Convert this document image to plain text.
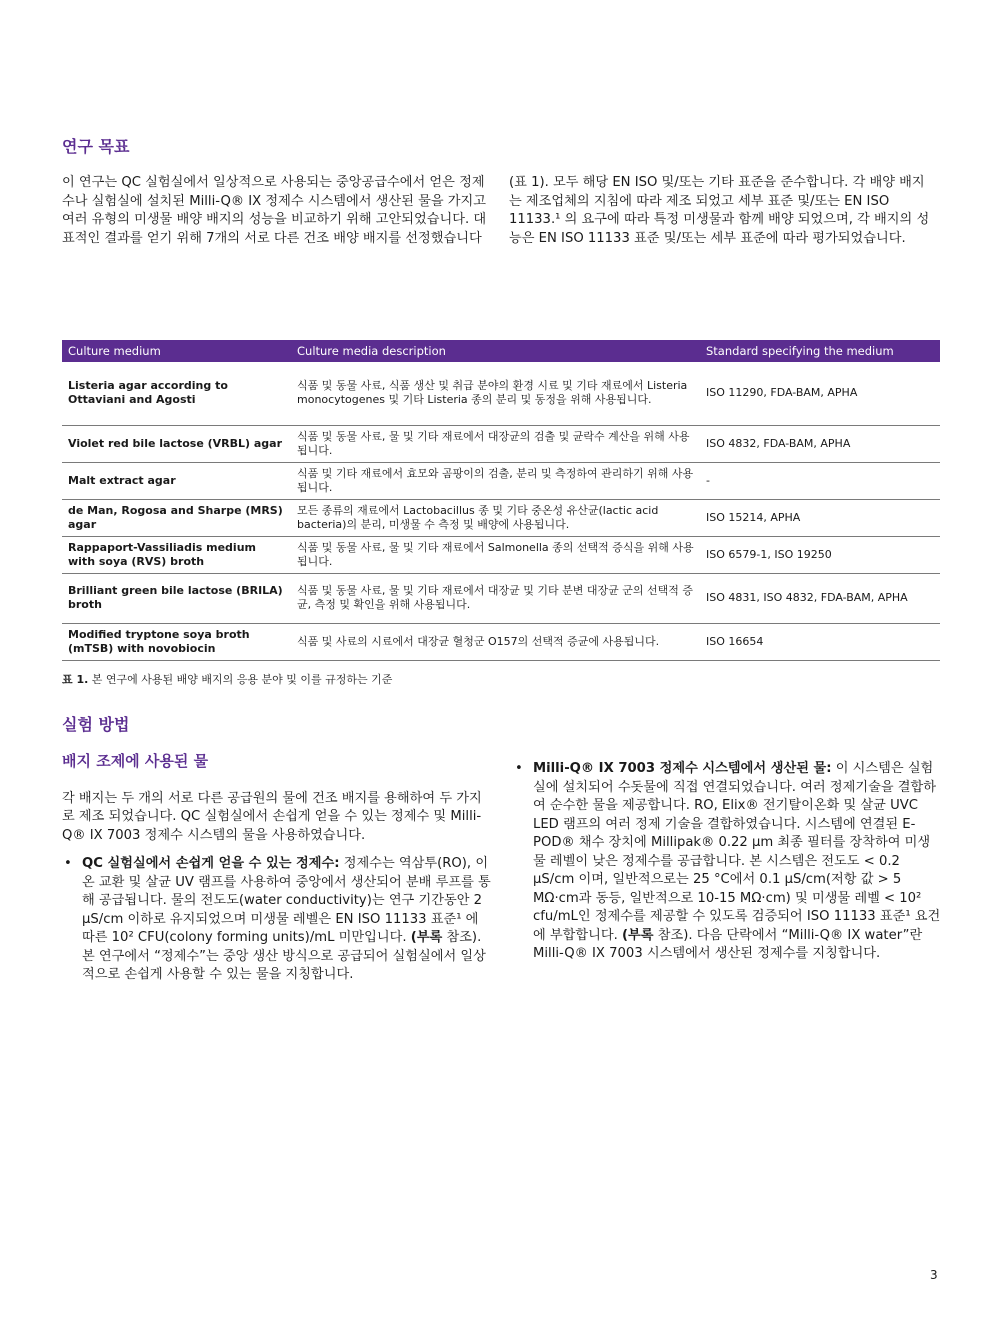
연구 목표
이 연구는 QC 실험실에서 일상적으로 사용되는 중앙공급수에서 얻은 정제수나 실험실에 설치된 Milli-Q® IX 정제수 시스템에서 생산된 물을 가지고 여러 유형의 미생물 배양 배지의 성능을 비교하기 위해 고안되었습니다. 대표적인 결과를 얻기 위해 7개의 서로 다른 건조 배양 배지를 선정했습니다(표 1). 모두 해당 EN ISO 및/또는 기타 표준을 준수합니다. 각 배양 배지는 제조업체의 지침에 따라 제조 되었고 세부 표준 및/또는 EN ISO 11133.¹ 의 요구에 따라 특정 미생물과 함께 배양 되었으며, 각 배지의 성능은 EN ISO 11133 표준 및/또는 세부 표준에 따라 평가되었습니다.
Culture medium	Culture media description	Standard specifying the medium
Listeria agar according to Ottaviani and Agosti	식품 및 동물 사료, 식품 생산 및 취급 분야의 환경 시료 및 기타 재료에서 Listeria monocytogenes 및 기타 Listeria 종의 분리 및 동정을 위해 사용됩니다.	ISO 11290, FDA-BAM, APHA
Violet red bile lactose (VRBL) agar	식품 및 동물 사료, 물 및 기타 재료에서 대장균의 검출 및 균락수 계산을 위해 사용됩니다.	ISO 4832, FDA-BAM, APHA
Malt extract agar	식품 및 기타 재료에서 효모와 곰팡이의 검출, 분리 및 측정하여 관리하기 위해 사용됩니다.	-
de Man, Rogosa and Sharpe (MRS) agar	모든 종류의 재료에서 Lactobacillus 종 및 기타 중온성 유산균(lactic acid bacteria)의 분리, 미생물 수 측정 및 배양에 사용됩니다.	ISO 15214, APHA
Rappaport-Vassiliadis medium with soya (RVS) broth	식품 및 동물 사료, 물 및 기타 재료에서 Salmonella 종의 선택적 증식을 위해 사용됩니다.	ISO 6579-1, ISO 19250
Brilliant green bile lactose (BRILA) broth	식품 및 동물 사료, 물 및 기타 재료에서 대장균 및 기타 분변 대장균 군의 선택적 증균, 측정 및 확인을 위해 사용됩니다.	ISO 4831, ISO 4832, FDA-BAM, APHA
Modified tryptone soya broth (mTSB) with novobiocin	식품 및 사료의 시료에서 대장균 혈청군 O157의 선택적 증균에 사용됩니다.	ISO 16654
표 1. 본 연구에 사용된 배양 배지의 응용 분야 및 이를 규정하는 기준
실험 방법
배지 조제에 사용된 물

각 배지는 두 개의 서로 다른 공급원의 물에 건조 배지를 용해하여 두 가지로 제조 되었습니다. QC 실험실에서 손쉽게 얻을 수 있는 정제수 및 Milli-Q® IX 7003 정제수 시스템의 물을 사용하였습니다.

• QC 실험실에서 손쉽게 얻을 수 있는 정제수: 정제수는 역삼투(RO), 이온 교환 및 살균 UV 램프를 사용하여 중앙에서 생산되어 분배 루프를 통해 공급됩니다. 물의 전도도(water conductivity)는 연구 기간동안 2 µS/cm 이하로 유지되었으며 미생물 레벨은 EN ISO 11133 표준¹ 에 따른 10² CFU(colony forming units)/mL 미만입니다. (부록 참조). 본 연구에서 “정제수”는 중앙 생산 방식으로 공급되어 실험실에서 일상적으로 손쉽게 사용할 수 있는 물을 지칭합니다.
• Milli-Q® IX 7003 정제수 시스템에서 생산된 물: 이 시스템은 실험실에 설치되어 수돗물에 직접 연결되었습니다. 여러 정제기술을 결합하여 순수한 물을 제공합니다. RO, Elix® 전기탈이온화 및 살균 UVC LED 램프의 여러 정제 기술을 결합하였습니다. 시스템에 연결된 E-POD® 채수 장치에 Millipak® 0.22 µm 최종 필터를 장착하여 미생물 레벨이 낮은 정제수를 공급합니다. 본 시스템은 전도도 < 0.2 µS/cm 이며, 일반적으로는 25 °C에서 0.1 µS/cm(저항 값 > 5 MΩ·cm과 동등, 일반적으로 10-15 MΩ·cm) 및 미생물 레벨 < 10² cfu/mL인 정제수를 제공할 수 있도록 검증되어 ISO 11133 표준¹ 요건에 부합합니다. (부록 참조). 다음 단락에서 “Milli-Q® IX water”란 Milli-Q® IX 7003 시스템에서 생산된 정제수를 지칭합니다.
3
